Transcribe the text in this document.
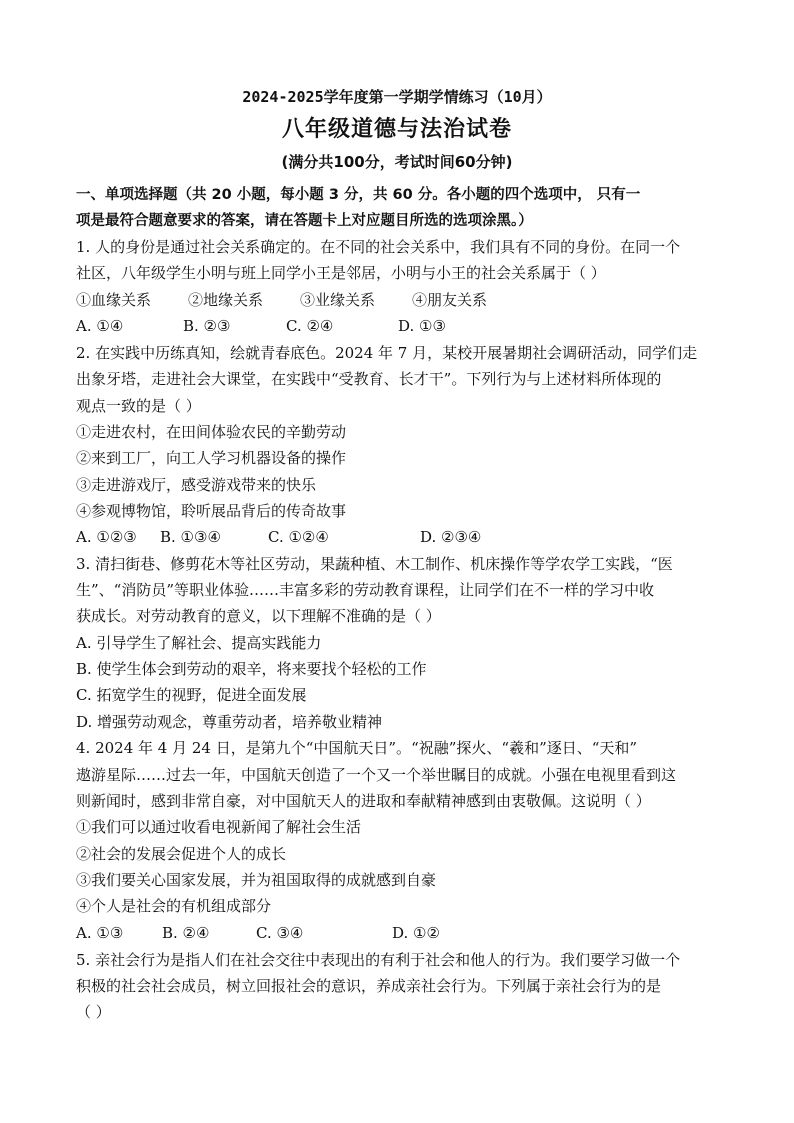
2024-2025学年度第一学期学情练习（10月）
八年级道德与法治试卷
(满分共100分，考试时间60分钟)
一、单项选择题（共 20 小题，每小题 3 分，共 60 分。各小题的四个选项中， 只有一
项是最符合题意要求的答案，请在答题卡上对应题目所选的选项涂黑。）
1. 人的身份是通过社会关系确定的。在不同的社会关系中，我们具有不同的身份。在同一个
社区，八年级学生小明与班上同学小王是邻居，小明与小王的社会关系属于（ ）
①血缘关系 ②地缘关系 ③业缘关系 ④朋友关系
A. ①④	B. ②③	C. ②④	D. ①③
2. 在实践中历练真知，绘就青春底色。2024 年 7 月，某校开展暑期社会调研活动，同学们走
出象牙塔，走进社会大课堂，在实践中“受教育、长才干”。下列行为与上述材料所体现的
观点一致的是（ ）
①走进农村，在田间体验农民的辛勤劳动
②来到工厂，向工人学习机器设备的操作
③走进游戏厅，感受游戏带来的快乐
④参观博物馆，聆听展品背后的传奇故事
A. ①②③ B. ①③④	C. ①②④	D. ②③④
3. 清扫街巷、修剪花木等社区劳动，果蔬种植、木工制作、机床操作等学农学工实践，“医
生”、“消防员”等职业体验……丰富多彩的劳动教育课程，让同学们在不一样的学习中收
获成长。对劳动教育的意义，以下理解不准确的是（ ）
A. 引导学生了解社会、提高实践能力
B. 使学生体会到劳动的艰辛，将来要找个轻松的工作
C. 拓宽学生的视野，促进全面发展
D. 增强劳动观念，尊重劳动者，培养敬业精神
4. 2024 年 4 月 24 日，是第九个“中国航天日”。“祝融”探火、“羲和”逐日、“天和”
遨游星际……过去一年，中国航天创造了一个又一个举世瞩目的成就。小强在电视里看到这
则新闻时，感到非常自豪，对中国航天人的进取和奉献精神感到由衷敬佩。这说明（ ）
①我们可以通过收看电视新闻了解社会生活
②社会的发展会促进个人的成长
③我们要关心国家发展，并为祖国取得的成就感到自豪
④个人是社会的有机组成部分
A. ①③	B. ②④	C. ③④	D. ①②
5. 亲社会行为是指人们在社会交往中表现出的有利于社会和他人的行为。我们要学习做一个
积极的社会社会成员，树立回报社会的意识，养成亲社会行为。下列属于亲社会行为的是
（ ）
